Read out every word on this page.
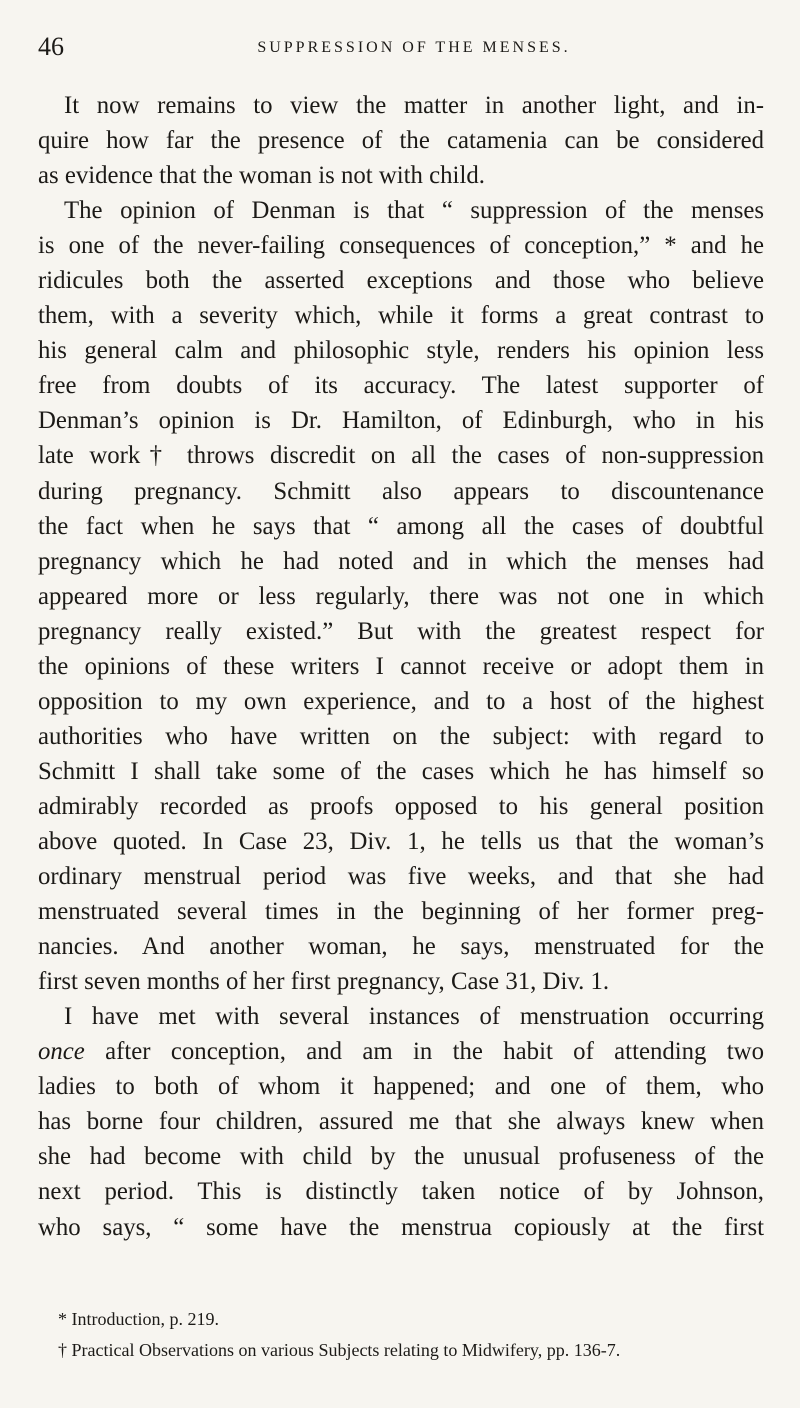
46	SUPPRESSION OF THE MENSES.
It now remains to view the matter in another light, and in-
quire how far the presence of the catamenia can be considered
as evidence that the woman is not with child.
The opinion of Denman is that “ suppression of the menses
is one of the never-failing consequences of conception,” * and he
ridicules both the asserted exceptions and those who believe
them, with a severity which, while it forms a great contrast to
his general calm and philosophic style, renders his opinion less
free from doubts of its accuracy. The latest supporter of
Denman’s opinion is Dr. Hamilton, of Edinburgh, who in his
late work† throws discredit on all the cases of non-suppression
during pregnancy. Schmitt also appears to discountenance
the fact when he says that “ among all the cases of doubtful
pregnancy which he had noted and in which the menses had
appeared more or less regularly, there was not one in which
pregnancy really existed.” But with the greatest respect for
the opinions of these writers I cannot receive or adopt them in
opposition to my own experience, and to a host of the highest
authorities who have written on the subject: with regard to
Schmitt I shall take some of the cases which he has himself so
admirably recorded as proofs opposed to his general position
above quoted. In Case 23, Div. 1, he tells us that the woman’s
ordinary menstrual period was five weeks, and that she had
menstruated several times in the beginning of her former preg-
nancies. And another woman, he says, menstruated for the
first seven months of her first pregnancy, Case 31, Div. 1.
I have met with several instances of menstruation occurring
once after conception, and am in the habit of attending two
ladies to both of whom it happened; and one of them, who
has borne four children, assured me that she always knew when
she had become with child by the unusual profuseness of the
next period. This is distinctly taken notice of by Johnson,
who says, “ some have the menstrua copiously at the first
* Introduction, p. 219.
† Practical Observations on various Subjects relating to Midwifery, pp. 136-7.
